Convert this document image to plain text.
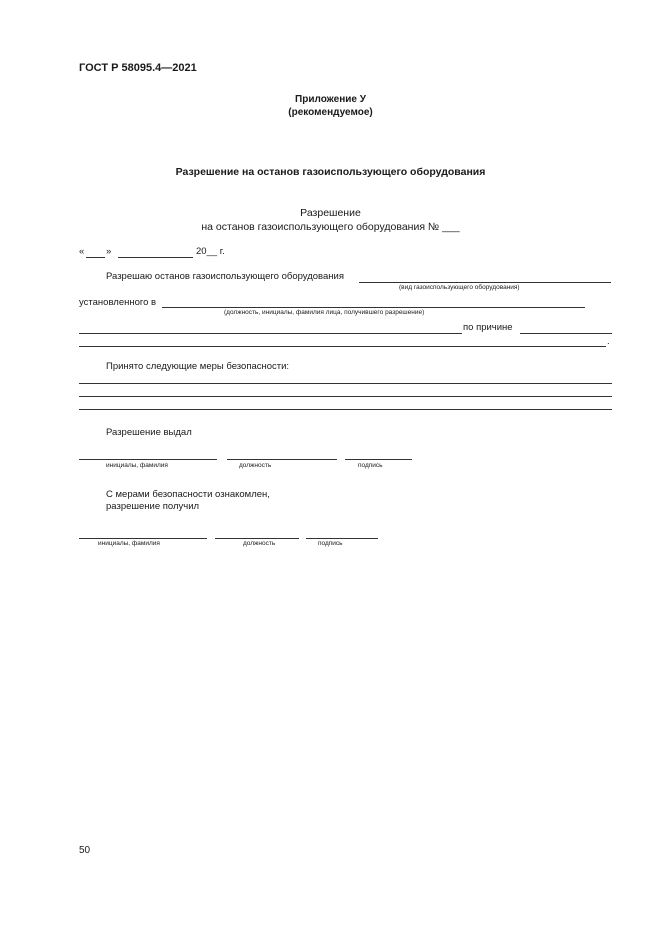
ГОСТ Р 58095.4—2021
Приложение У
(рекомендуемое)
Разрешение на останов газоиспользующего оборудования
Разрешение
на останов газоиспользующего оборудования № ___
« »	20__ г.
Разрешаю останов газоиспользующего оборудования
(вид газоиспользующего оборудования)
установленного в
(должность, инициалы, фамилия лица, получившего разрешение)
по причине
.
Принято следующие меры безопасности:
Разрешение выдал
инициалы, фамилия	должность	подпись
С мерами безопасности ознакомлен,
разрешение получил
инициалы, фамилия	должность	подпись
50
